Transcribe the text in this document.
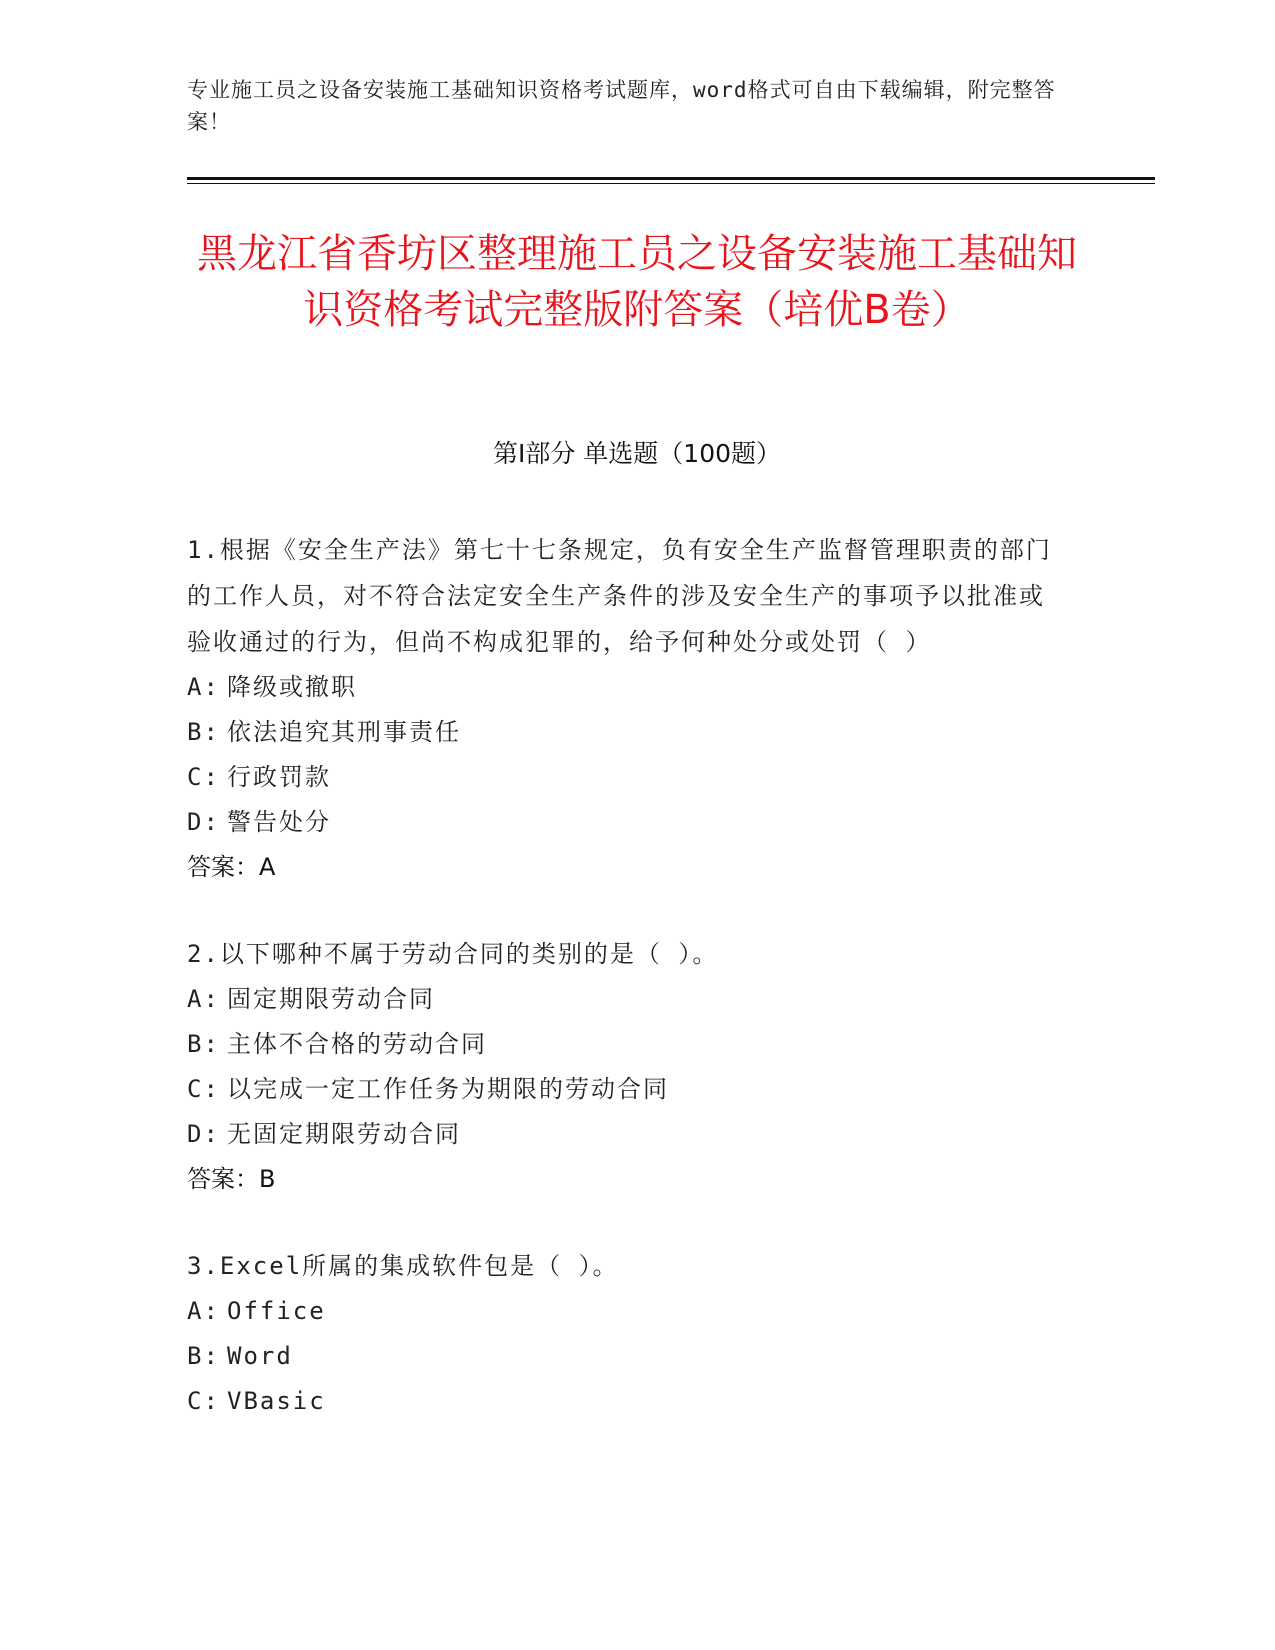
专业施工员之设备安装施工基础知识资格考试题库，word格式可自由下载编辑，附完整答案！
黑龙江省香坊区整理施工员之设备安装施工基础知识资格考试完整版附答案（培优B卷）
第I部分 单选题（100题）

1.根据《安全生产法》第七十七条规定，负有安全生产监督管理职责的部门的工作人员，对不符合法定安全生产条件的涉及安全生产的事项予以批准或验收通过的行为，但尚不构成犯罪的，给予何种处分或处罚（ ）

A: 降级或撤职

B: 依法追究其刑事责任

C: 行政罚款

D: 警告处分

答案：A

2.以下哪种不属于劳动合同的类别的是（ ）。

A: 固定期限劳动合同

B: 主体不合格的劳动合同

C: 以完成一定工作任务为期限的劳动合同

D: 无固定期限劳动合同

答案：B

3.Excel所属的集成软件包是（ ）。

A: Office

B: Word

C: VBasic
